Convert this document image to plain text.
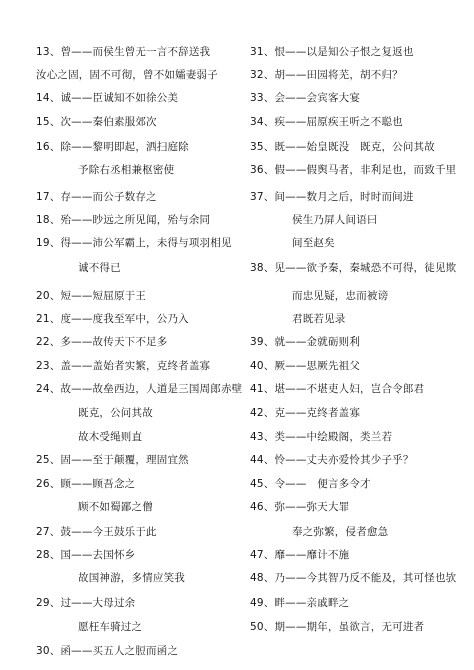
13、曾——而侯生曾无一言不辞送我
汝心之固，固不可彻，曾不如孀妻弱子
14、诚——臣诚知不如徐公美
15、次——秦伯素服郊次
16、除——黎明即起，洒扫庭除
予除右丞相兼枢密使
17、存——而公子数存之
18、殆——眇远之所见闻，殆与余同
19、得——沛公军霸上，未得与项羽相见
诚不得已
20、短——短屈原于王
21、度——度我至军中，公乃入
22、多——故传天下不足多
23、盖——盖始者实繁，克终者盖寡
24、故——故垒西边，人道是三国周郎赤壁
既克，公问其故
故木受绳则直
25、固——至于颠覆，理固宜然
26、顾——顾吾念之
顾不如蜀鄙之僧
27、鼓——今王鼓乐于此
28、国——去国怀乡
故国神游，多情应笑我
29、过——大母过余
愿枉车骑过之
30、函——买五人之脰而函之
31、恨——以是知公子恨之复返也
32、胡——田园将芜，胡不归？
33、会——会宾客大宴
34、疾——屈原疾王听之不聪也
35、既——始皇既没　既克，公问其故
36、假——假舆马者，非利足也，而致千里
37、间——数月之后，时时而间进
侯生乃屏人间语曰
间至赵矣
38、见——欲予秦，秦城恐不可得，徒见欺
而忠见疑，忠而被谤
君既若见录
39、就——金就砺则利
40、厥——思厥先祖父
41、堪——不堪吏人妇，岂合令郎君
42、克——克终者盖寡
43、类——中绘殿阁，类兰若
44、怜——丈夫亦爱怜其少子乎？
45、令——　便言多令才
46、弥——弥天大罪
奉之弥繁，侵者愈急
47、靡——靡计不施
48、乃——今其智乃反不能及，其可怪也欤
49、畔——亲戚畔之
50、期——期年，虽欲言，无可进者
